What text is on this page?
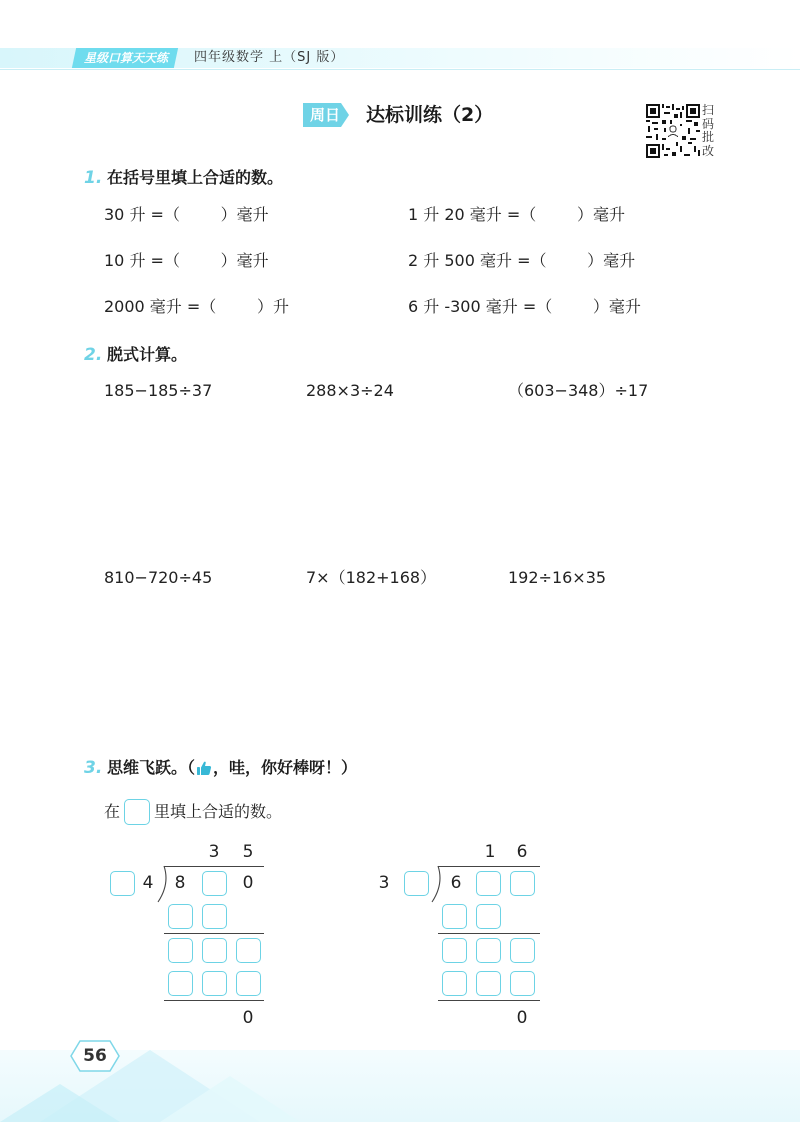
星级口算天天练	四年级数学 上（SJ 版）
周日 达标训练（2）	扫
码
批
改
1. 在括号里填上合适的数。
30 升 =（        ）毫升	1 升 20 毫升 =（        ）毫升
10 升 =（        ）毫升	2 升 500 毫升 =（        ）毫升
2000 毫升 =（        ）升	6 升 -300 毫升 =（        ）毫升
2. 脱式计算。
185−185÷37	288×3÷24	（603−348）÷17
810−720÷45	7×（182+168）	192÷16×35
3. 思维飞跃。（ ，哇，你好棒呀！）
在 里填上合适的数。
3	5
4	8	0
0
1	6
3	6
0
56
